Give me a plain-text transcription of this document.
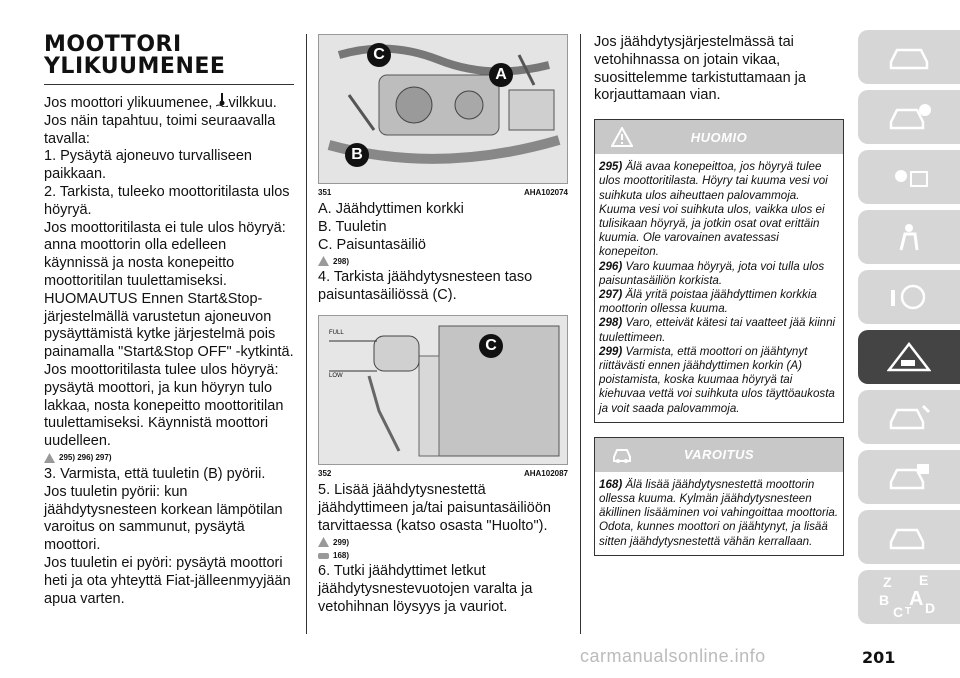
MOOTTORI
YLIKUUMENEE

Jos moottori ylikuumenee, vilkkuu.

Jos näin tapahtuu, toimi seuraavalla tavalla:

1. Pysäytä ajoneuvo turvalliseen paikkaan.

2. Tarkista, tuleeko moottoritilasta ulos höyryä.

Jos moottoritilasta ei tule ulos höyryä: anna moottorin olla edelleen käynnissä ja nosta konepeitto moottoritilan tuulettamiseksi.

HUOMAUTUS Ennen Start&Stop-järjestelmällä varustetun ajoneuvon pysäyttämistä kytke järjestelmä pois painamalla "Start&Stop OFF" -kytkintä.

Jos moottoritilasta tulee ulos höyryä: pysäytä moottori, ja kun höyryn tulo lakkaa, nosta konepeitto moottoritilan tuulettamiseksi. Käynnistä moottori uudelleen.

295) 296) 297)

3. Varmista, että tuuletin (B) pyörii.

Jos tuuletin pyörii: kun jäähdytysnesteen korkean lämpötilan varoitus on sammunut, pysäytä moottori.

Jos tuuletin ei pyöri: pysäytä moottori heti ja ota yhteyttä Fiat-jälleenmyyjään apua varten.

C
A
B
351	AHA102074

A. Jäähdyttimen korkki

B. Tuuletin

C. Paisuntasäiliö

298)

4. Tarkista jäähdytysnesteen taso paisuntasäiliössä (C).

FULL
LOW
C
352	AHA102087

5. Lisää jäähdytysnestettä jäähdyttimeen ja/tai paisuntasäiliöön tarvittaessa (katso osasta "Huolto").

299)
168)

6. Tutki jäähdyttimet letkut jäähdytysnestevuotojen varalta ja vetohihnan löysyys ja vauriot.

Jos jäähdytysjärjestelmässä tai vetohihnassa on jotain vikaa, suosittelemme tarkistuttamaan ja korjauttamaan vian.

HUOMIO

295) Älä avaa konepeittoa, jos höyryä tulee ulos moottoritilasta. Höyry tai kuuma vesi voi suihkuta ulos aiheuttaen palovammoja. Kuuma vesi voi suihkuta ulos, vaikka ulos ei tulisikaan höyryä, ja jotkin osat ovat erittäin kuumia. Ole varovainen avatessasi konepeiton.

296) Varo kuumaa höyryä, jota voi tulla ulos paisuntasäiliön korkista.

297) Älä yritä poistaa jäähdyttimen korkkia moottorin ollessa kuuma.

298) Varo, etteivät kätesi tai vaatteet jää kiinni tuulettimeen.

299) Varmista, että moottori on jäähtynyt riittävästi ennen jäähdyttimen korkin (A) poistamista, koska kuumaa höyryä tai kiehuvaa vettä voi suihkuta ulos täyttöaukosta ja voit saada palovammoja.

VAROITUS

168) Älä lisää jäähdytysnestettä moottorin ollessa kuuma. Kylmän jäähdytysnesteen äkillinen lisääminen voi vahingoittaa moottoria. Odota, kunnes moottori on jäähtynyt, ja lisää sitten jäähdytysnestettä vähän kerrallaan.

Z E
B A
C T D
carmanualsonline.info	201
